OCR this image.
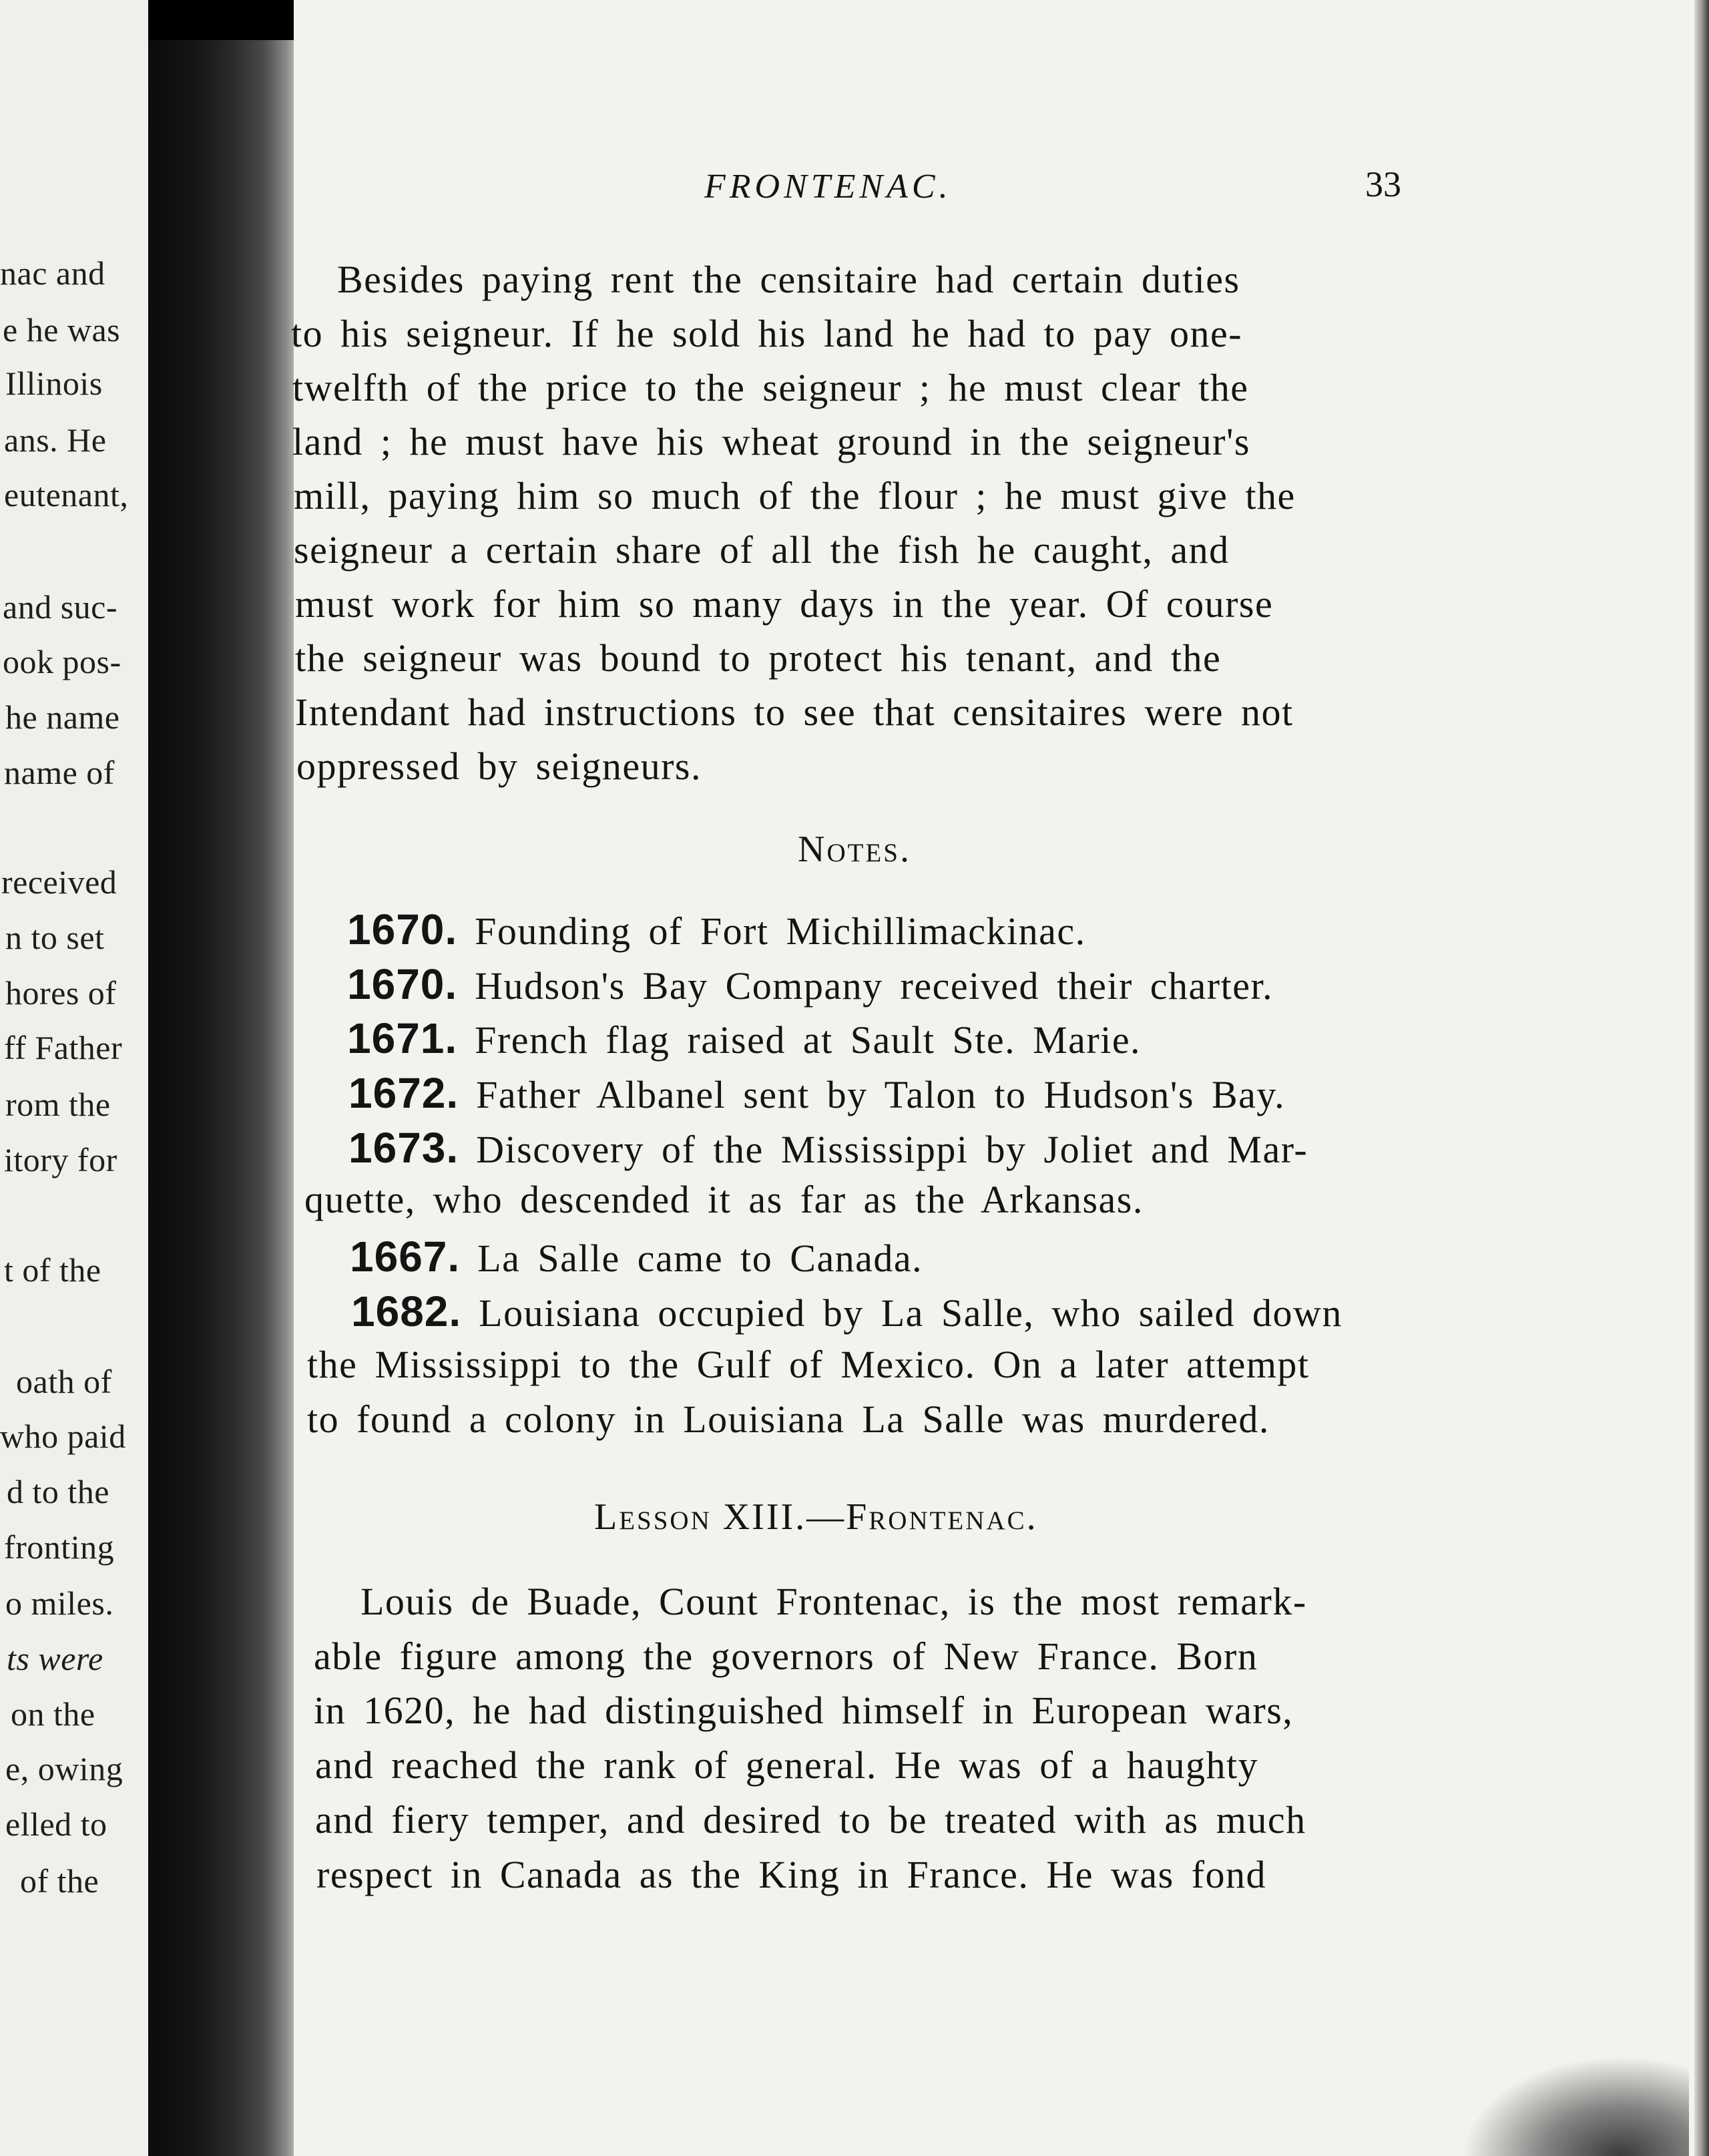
nac and
e he was
Illinois
ans. He
eutenant,
and suc-
ook pos-
he name
name of
received
n to set
hores of
ff Father
rom the
itory for
t of the
oath of
who paid
d to the
fronting
o miles.
ts were
on the
e, owing
elled to
of the
FRONTENAC.	33
Besides paying rent the censitaire had certain duties
to his seigneur. If he sold his land he had to pay one-
twelfth of the price to the seigneur ; he must clear the
land ; he must have his wheat ground in the seigneur's
mill, paying him so much of the flour ; he must give the
seigneur a certain share of all the fish he caught, and
must work for him so many days in the year. Of course
the seigneur was bound to protect his tenant, and the
Intendant had instructions to see that censitaires were not
oppressed by seigneurs.
Notes.
1670. Founding of Fort Michillimackinac.
1670. Hudson's Bay Company received their charter.
1671. French flag raised at Sault Ste. Marie.
1672. Father Albanel sent by Talon to Hudson's Bay.
1673. Discovery of the Mississippi by Joliet and Mar-
quette, who descended it as far as the Arkansas.
1667. La Salle came to Canada.
1682. Louisiana occupied by La Salle, who sailed down
the Mississippi to the Gulf of Mexico. On a later attempt
to found a colony in Louisiana La Salle was murdered.
Lesson XIII.—Frontenac.
Louis de Buade, Count Frontenac, is the most remark-
able figure among the governors of New France. Born
in 1620, he had distinguished himself in European wars,
and reached the rank of general. He was of a haughty
and fiery temper, and desired to be treated with as much
respect in Canada as the King in France. He was fond
